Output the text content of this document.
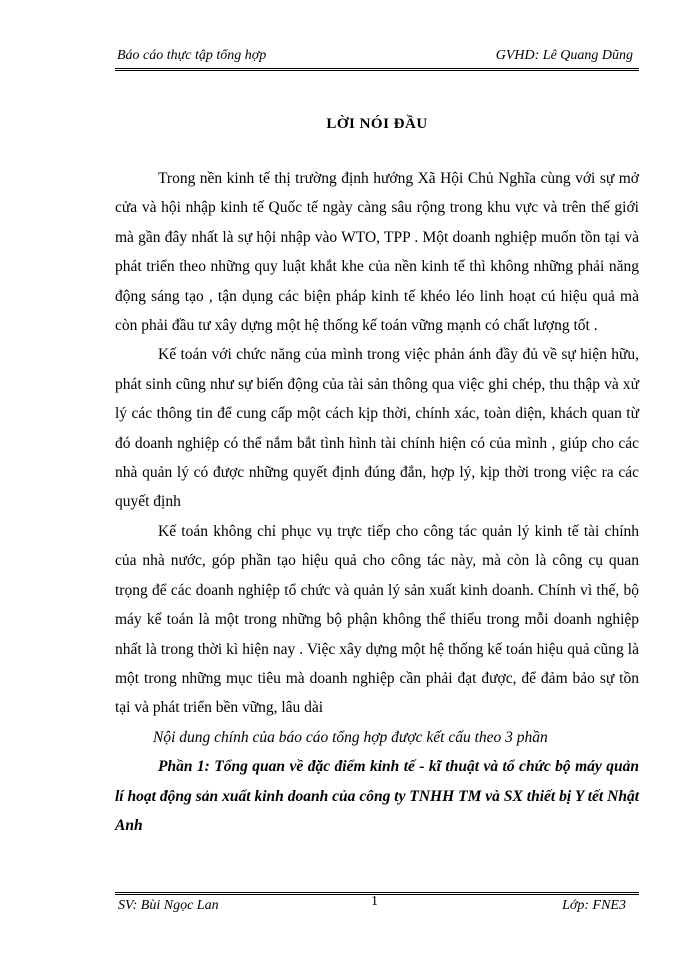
Báo cáo thực tập tổng hợp	GVHD: Lê Quang Dũng
LỜI NÓI ĐẦU

Trong nền kinh tế thị trường định hướng Xã Hội Chủ Nghĩa cùng với sự mở cửa và hội nhập kinh tế Quốc tế ngày càng sâu rộng trong khu vực và trên thế giới mà gần đây nhất là sự hội nhập vào WTO, TPP . Một doanh nghiệp muốn tồn tại và phát triển theo những quy luật khắt khe của nền kinh tế thì không những phải năng động sáng tạo , tận dụng các biện pháp kinh tế khéo léo linh hoạt cú hiệu quả mà còn phải đầu tư xây dựng một hệ thống kế toán vững mạnh có chất lượng tốt .

Kế toán với chức năng của mình trong việc phản ánh đầy đủ về sự hiện hữu, phát sinh cũng như sự biến động của tài sản thông qua việc ghi chép, thu thập và xử lý các thông tin để cung cấp một cách kịp thời, chính xác, toàn diện, khách quan từ đó doanh nghiệp có thể nắm bắt tình hình tài chính hiện có của mình , giúp cho các nhà quản lý có được những quyết định đúng đắn, hợp lý, kịp thời trong việc ra các quyết định

Kế toán không chỉ phục vụ trực tiếp cho công tác quản lý kinh tế tài chính của nhà nước, góp phần tạo hiệu quả cho công tác này, mà còn là công cụ quan trọng để các doanh nghiệp tổ chức và quản lý sản xuất kinh doanh. Chính vì thế, bộ máy kế toán là một trong những bộ phận không thể thiếu trong mỗi doanh nghiệp nhất là trong thời kì hiện nay . Việc xây dựng một hệ thống kế toán hiệu quả cũng là một trong những mục tiêu mà doanh nghiệp cần phải đạt được, để đảm bảo sự tồn tại và phát triển bền vững, lâu dài

Nội dung chính của báo cáo tổng hợp được kết cấu theo 3 phần

Phần 1: Tổng quan về đặc điểm kinh tế - kĩ thuật và tổ chức bộ máy quản lí hoạt động sản xuất kinh doanh của công ty TNHH TM và SX thiết bị Y tết Nhật Anh

SV: Bùi Ngọc Lan	1	Lớp: FNE3
